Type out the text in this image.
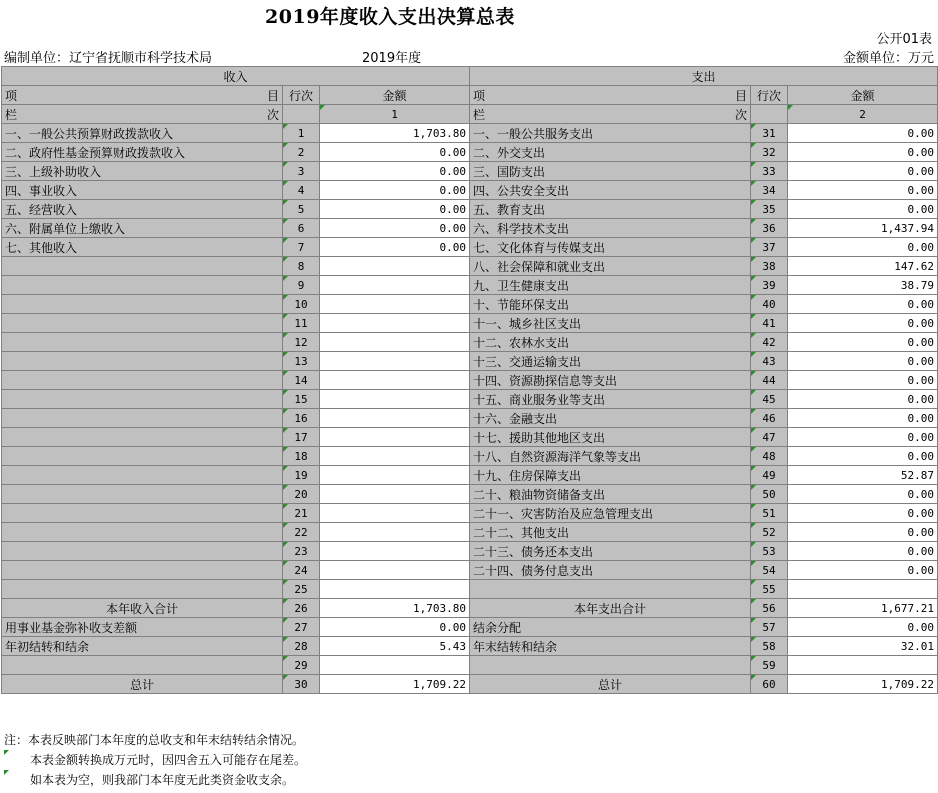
2019年度收入支出决算总表
公开01表
编制单位：辽宁省抚顺市科学技术局	2019年度	金额单位：万元
收入			支出		

项 目	行次	金额	项 目	行次	金额

栏 次		1	栏 次		2
一、一般公共预算财政拨款收入	1	1,703.80	一、一般公共服务支出	31	0.00
二、政府性基金预算财政拨款收入	2	0.00	二、外交支出	32	0.00
三、上级补助收入	3	0.00	三、国防支出	33	0.00
四、事业收入	4	0.00	四、公共安全支出	34	0.00
五、经营收入	5	0.00	五、教育支出	35	0.00
六、附属单位上缴收入	6	0.00	六、科学技术支出	36	1,437.94
七、其他收入	7	0.00	七、文化体育与传媒支出	37	0.00
	8		八、社会保障和就业支出	38	147.62
	9		九、卫生健康支出	39	38.79
	10		十、节能环保支出	40	0.00
	11		十一、城乡社区支出	41	0.00
	12		十二、农林水支出	42	0.00
	13		十三、交通运输支出	43	0.00
	14		十四、资源勘探信息等支出	44	0.00
	15		十五、商业服务业等支出	45	0.00
	16		十六、金融支出	46	0.00
	17		十七、援助其他地区支出	47	0.00
	18		十八、自然资源海洋气象等支出	48	0.00
	19		十九、住房保障支出	49	52.87
	20		二十、粮油物资储备支出	50	0.00
	21		二十一、灾害防治及应急管理支出	51	0.00
	22		二十二、其他支出	52	0.00
	23		二十三、债务还本支出	53	0.00
	24		二十四、债务付息支出	54	0.00
	25			55	
本年收入合计	26	1,703.80	本年支出合计	56	1,677.21
用事业基金弥补收支差额	27	0.00	结余分配	57	0.00
年初结转和结余	28	5.43	年末结转和结余	58	32.01
	29			59	
总计	30	1,709.22	总计	60	1,709.22
注：本表反映部门本年度的总收支和年末结转结余情况。
本表金额转换成万元时，因四舍五入可能存在尾差。
如本表为空，则我部门本年度无此类资金收支余。
